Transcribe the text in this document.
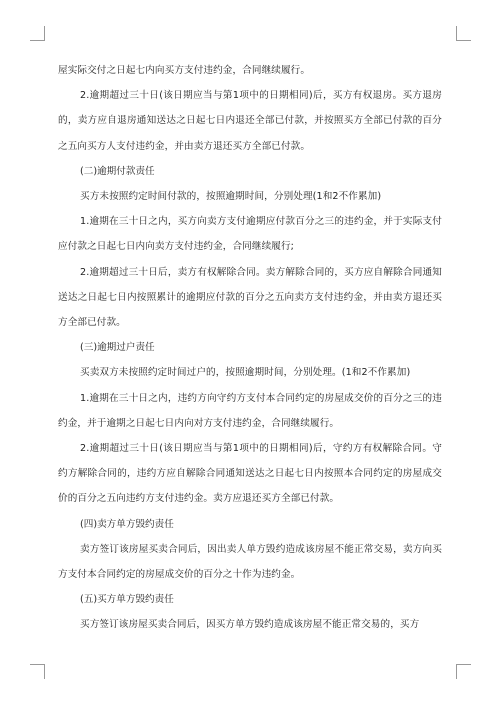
屋实际交付之日起七内向买方支付违约金，合同继续履行。

2.逾期超过三十日(该日期应当与第1项中的日期相同)后，买方有权退房。买方退房的，卖方应自退房通知送达之日起七日内退还全部已付款，并按照买方全部已付款的百分之五向买方人支付违约金，并由卖方退还买方全部已付款。

(二)逾期付款责任

买方未按照约定时间付款的，按照逾期时间，分别处理(1和2不作累加)

1.逾期在三十日之内，买方向卖方支付逾期应付款百分之三的违约金，并于实际支付应付款之日起七日内向卖方支付违约金，合同继续履行;

2.逾期超过三十日后，卖方有权解除合同。卖方解除合同的，买方应自解除合同通知送达之日起七日内按照累计的逾期应付款的百分之五向卖方支付违约金，并由卖方退还买方全部已付款。

(三)逾期过户责任

买卖双方未按照约定时间过户的，按照逾期时间，分别处理。(1和2不作累加)

1.逾期在三十日之内，违约方向守约方支付本合同约定的房屋成交价的百分之三的违约金，并于逾期之日起七日内向对方支付违约金，合同继续履行。

2.逾期超过三十日(该日期应当与第1项中的日期相同)后，守约方有权解除合同。守约方解除合同的，违约方应自解除合同通知送达之日起七日内按照本合同约定的房屋成交价的百分之五向违约方支付违约金。卖方应退还买方全部已付款。

(四)卖方单方毁约责任

卖方签订该房屋买卖合同后，因出卖人单方毁约造成该房屋不能正常交易，卖方向买方支付本合同约定的房屋成交价的百分之十作为违约金。

(五)买方单方毁约责任

买方签订该房屋买卖合同后，因买方单方毁约造成该房屋不能正常交易的，买方
